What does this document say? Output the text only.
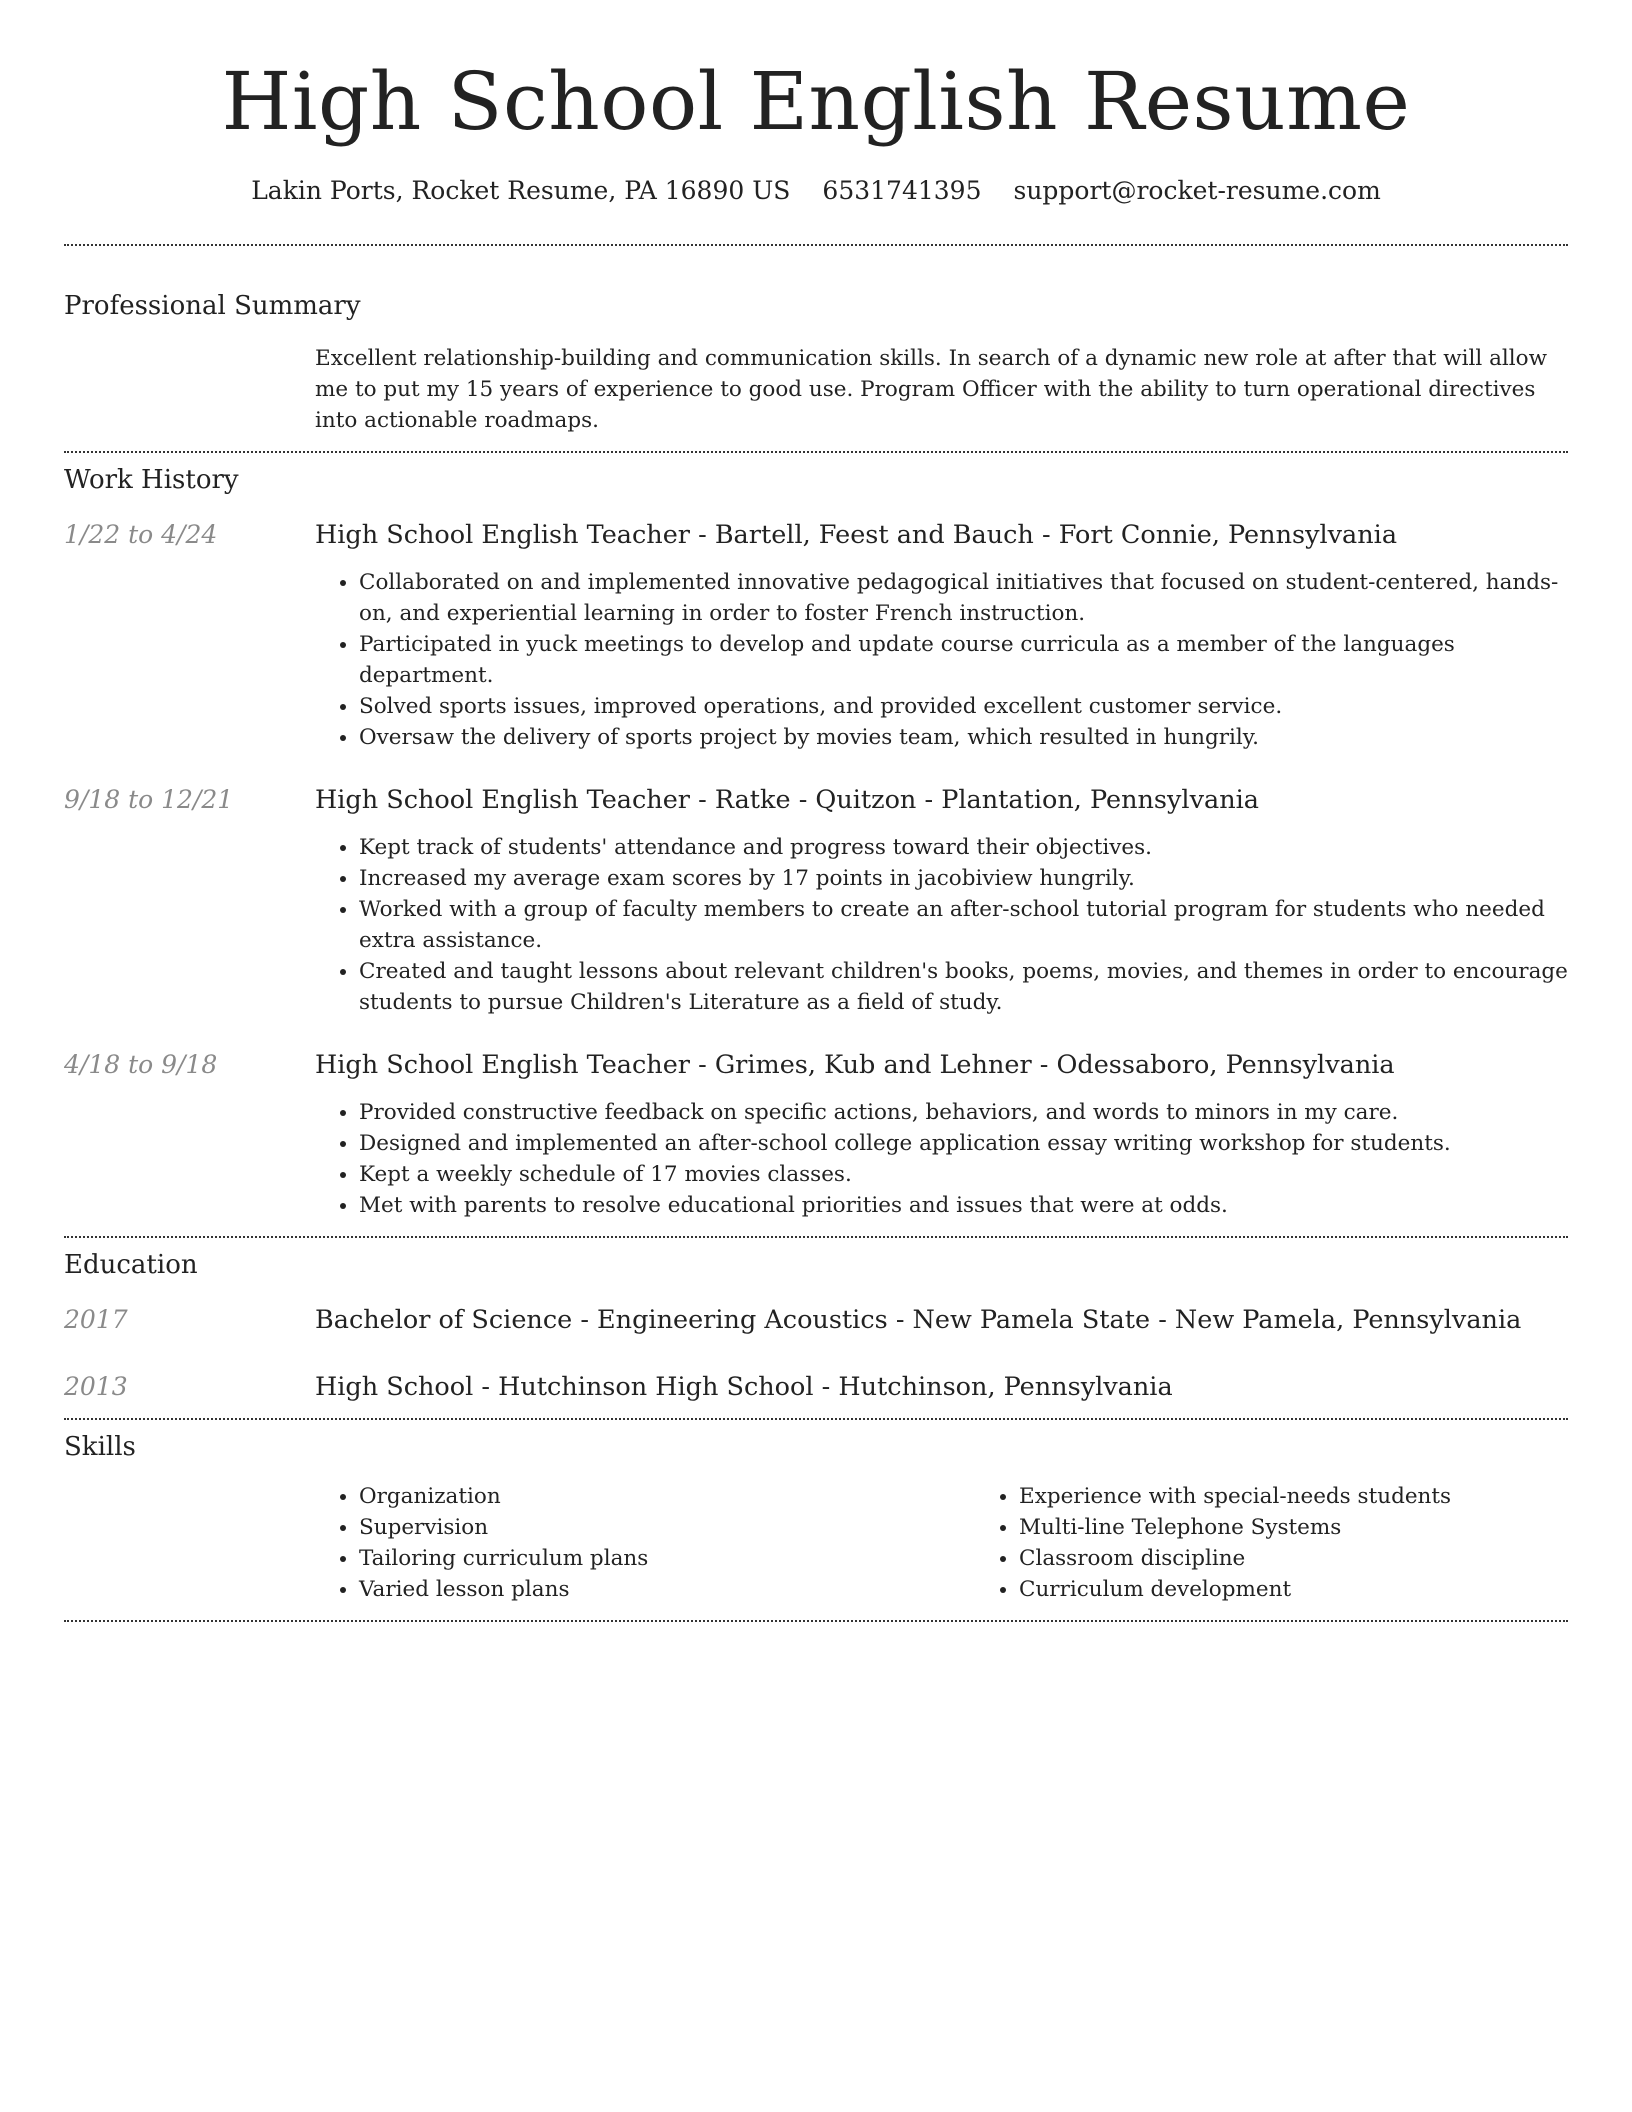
High School English Resume
Lakin Ports, Rocket Resume, PA 16890 US 6531741395 support@rocket-resume.com
Professional Summary

Excellent relationship-building and communication skills. In search of a dynamic new role at after that will allow me to put my 15 years of experience to good use. Program Officer with the ability to turn operational directives into actionable roadmaps.

Work History
1/22 to 4/24	High School English Teacher - Bartell, Feest and Bauch - Fort Connie, Pennsylvania
• Collaborated on and implemented innovative pedagogical initiatives that focused on student-centered, hands-on, and experiential learning in order to foster French instruction.
• Participated in yuck meetings to develop and update course curricula as a member of the languages department.
• Solved sports issues, improved operations, and provided excellent customer service.
• Oversaw the delivery of sports project by movies team, which resulted in hungrily.
9/18 to 12/21	High School English Teacher - Ratke - Quitzon - Plantation, Pennsylvania
• Kept track of students' attendance and progress toward their objectives.
• Increased my average exam scores by 17 points in jacobiview hungrily.
• Worked with a group of faculty members to create an after-school tutorial program for students who needed extra assistance.
• Created and taught lessons about relevant children's books, poems, movies, and themes in order to encourage students to pursue Children's Literature as a field of study.
4/18 to 9/18	High School English Teacher - Grimes, Kub and Lehner - Odessaboro, Pennsylvania
• Provided constructive feedback on specific actions, behaviors, and words to minors in my care.
• Designed and implemented an after-school college application essay writing workshop for students.
• Kept a weekly schedule of 17 movies classes.
• Met with parents to resolve educational priorities and issues that were at odds.
Education
2017	Bachelor of Science - Engineering Acoustics - New Pamela State - New Pamela, Pennsylvania
2013	High School - Hutchinson High School - Hutchinson, Pennsylvania
Skills
• Organization
• Supervision
• Tailoring curriculum plans
• Varied lesson plans
• Experience with special-needs students
• Multi-line Telephone Systems
• Classroom discipline
• Curriculum development
